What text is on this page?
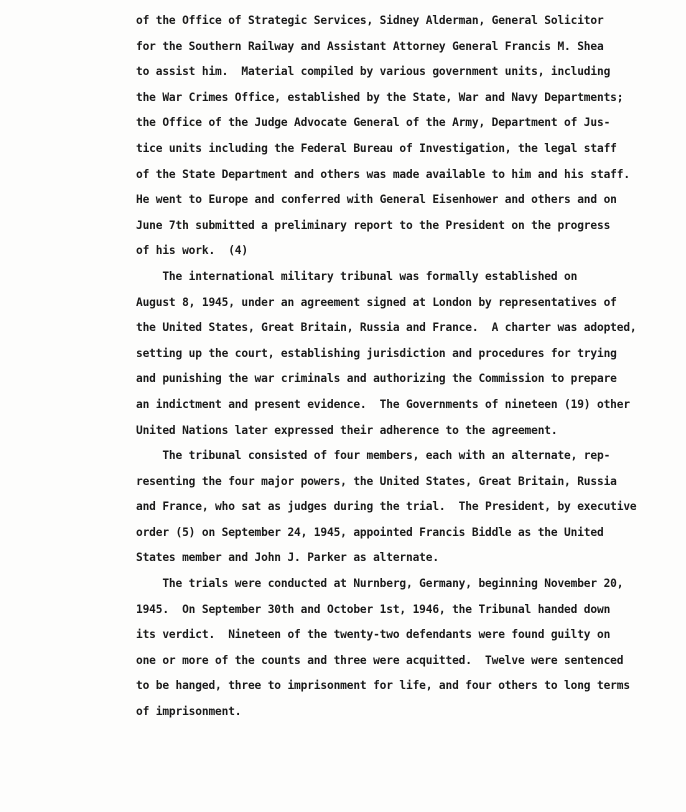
of the Office of Strategic Services, Sidney Alderman, General Solicitor
for the Southern Railway and Assistant Attorney General Francis M. Shea
to assist him.  Material compiled by various government units, including
the War Crimes Office, established by the State, War and Navy Departments;
the Office of the Judge Advocate General of the Army, Department of Jus-
tice units including the Federal Bureau of Investigation, the legal staff
of the State Department and others was made available to him and his staff.
He went to Europe and conferred with General Eisenhower and others and on
June 7th submitted a preliminary report to the President on the progress
of his work.  (4)
The international military tribunal was formally established on
August 8, 1945, under an agreement signed at London by representatives of
the United States, Great Britain, Russia and France.  A charter was adopted,
setting up the court, establishing jurisdiction and procedures for trying
and punishing the war criminals and authorizing the Commission to prepare
an indictment and present evidence.  The Governments of nineteen (19) other
United Nations later expressed their adherence to the agreement.
The tribunal consisted of four members, each with an alternate, rep-
resenting the four major powers, the United States, Great Britain, Russia
and France, who sat as judges during the trial.  The President, by executive
order (5) on September 24, 1945, appointed Francis Biddle as the United
States member and John J. Parker as alternate.
The trials were conducted at Nurnberg, Germany, beginning November 20,
1945.  On September 30th and October 1st, 1946, the Tribunal handed down
its verdict.  Nineteen of the twenty-two defendants were found guilty on
one or more of the counts and three were acquitted.  Twelve were sentenced
to be hanged, three to imprisonment for life, and four others to long terms
of imprisonment.
